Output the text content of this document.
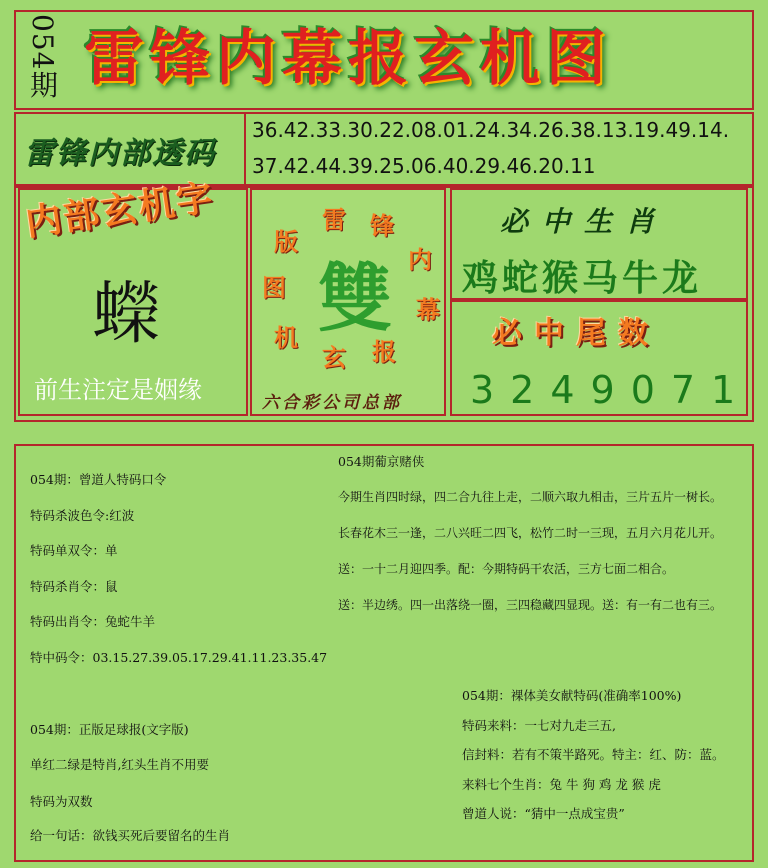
054期 雷锋内幕报玄机图
雷锋内部透码
36.42.33.30.22.08.01.24.34.26.38.13.19.49.14.
37.42.44.39.25.06.40.29.46.20.11
内部玄机字
蠑
前生注定是姻缘
雷 锋
内
幕
报
玄
机
图
版
雙
六合彩公司总部
必中生肖
鸡蛇猴马牛龙
必中尾数
3249071
054期：曾道人特码口令
特码杀波色令:红波
特码单双令：单
特码杀肖令：鼠
特码出肖令：兔蛇牛羊
特中码令：03.15.27.39.05.17.29.41.11.23.35.47
054期：正版足球报(文字版)
单红二绿是特肖,红头生肖不用要
特码为双数
给一句话：欲钱买死后要留名的生肖
054期葡京赌侠
今期生肖四时绿，四二合九往上走，二顺六取九相击，三片五片一树长。
长春花木三一逢，二八兴旺二四飞，松竹二时一三现，五月六月花儿开。
送：一十二月迎四季。配：今期特码干农活，三方七面二相合。
送：半边绣。四一出落绕一圈，三四稳藏四显现。送：有一有二也有三。
054期：裸体美女献特码(准确率100%)
特码来料：一七对九走三五,
信封料：若有不策半路死。特主：红、防：蓝。
来料七个生肖：兔 牛 狗 鸡 龙 猴 虎
曾道人说：“猜中一点成宝贵”
